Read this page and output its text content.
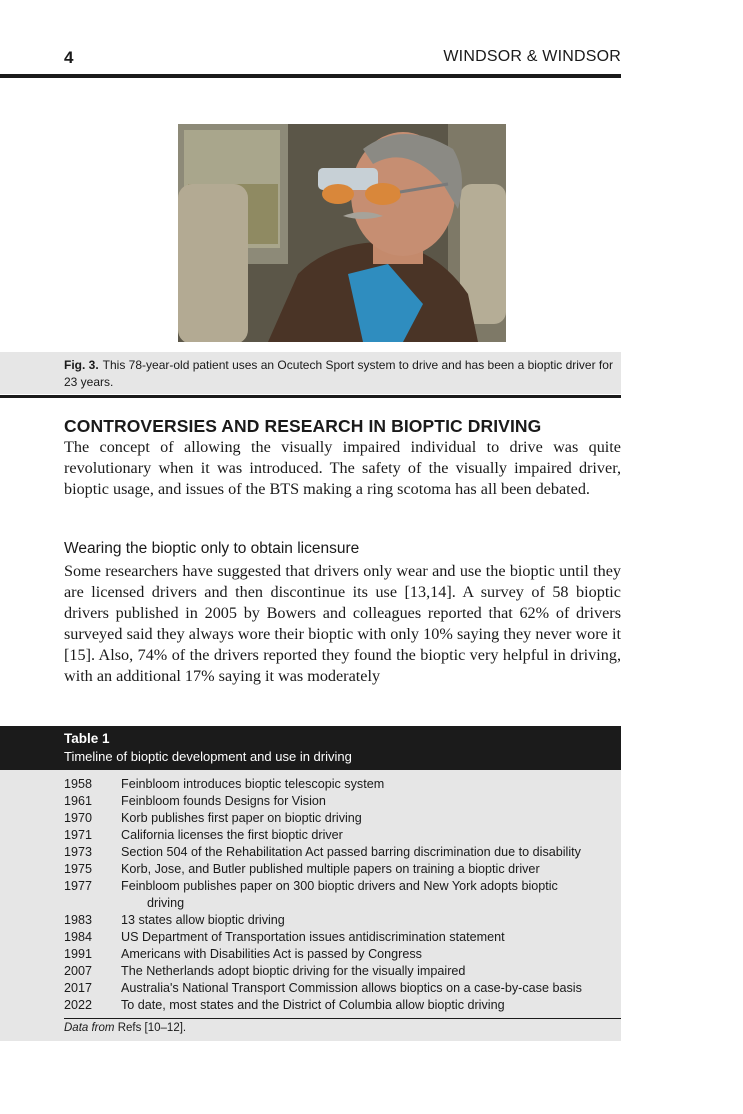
4	WINDSOR & WINDSOR
Fig. 3. This 78-year-old patient uses an Ocutech Sport system to drive and has been a bioptic driver for 23 years.
CONTROVERSIES AND RESEARCH IN BIOPTIC DRIVING
The concept of allowing the visually impaired individual to drive was quite revolutionary when it was introduced. The safety of the visually impaired driver, bioptic usage, and issues of the BTS making a ring scotoma has all been debated.
Wearing the bioptic only to obtain licensure
Some researchers have suggested that drivers only wear and use the bioptic until they are licensed drivers and then discontinue its use [13,14]. A survey of 58 bioptic drivers published in 2005 by Bowers and colleagues reported that 62% of drivers surveyed said they always wore their bioptic with only 10% saying they never wore it [15]. Also, 74% of the drivers reported they found the bioptic very helpful in driving, with an additional 17% saying it was moderately
Table 1
Timeline of bioptic development and use in driving
1958	Feinbloom introduces bioptic telescopic system
1961	Feinbloom founds Designs for Vision
1970	Korb publishes first paper on bioptic driving
1971	California licenses the first bioptic driver
1973	Section 504 of the Rehabilitation Act passed barring discrimination due to disability
1975	Korb, Jose, and Butler published multiple papers on training a bioptic driver
1977	Feinbloom publishes paper on 300 bioptic drivers and New York adopts bioptic
driving
1983	13 states allow bioptic driving
1984	US Department of Transportation issues antidiscrimination statement
1991	Americans with Disabilities Act is passed by Congress
2007	The Netherlands adopt bioptic driving for the visually impaired
2017	Australia's National Transport Commission allows bioptics on a case-by-case basis
2022	To date, most states and the District of Columbia allow bioptic driving
Data from Refs [10–12].
